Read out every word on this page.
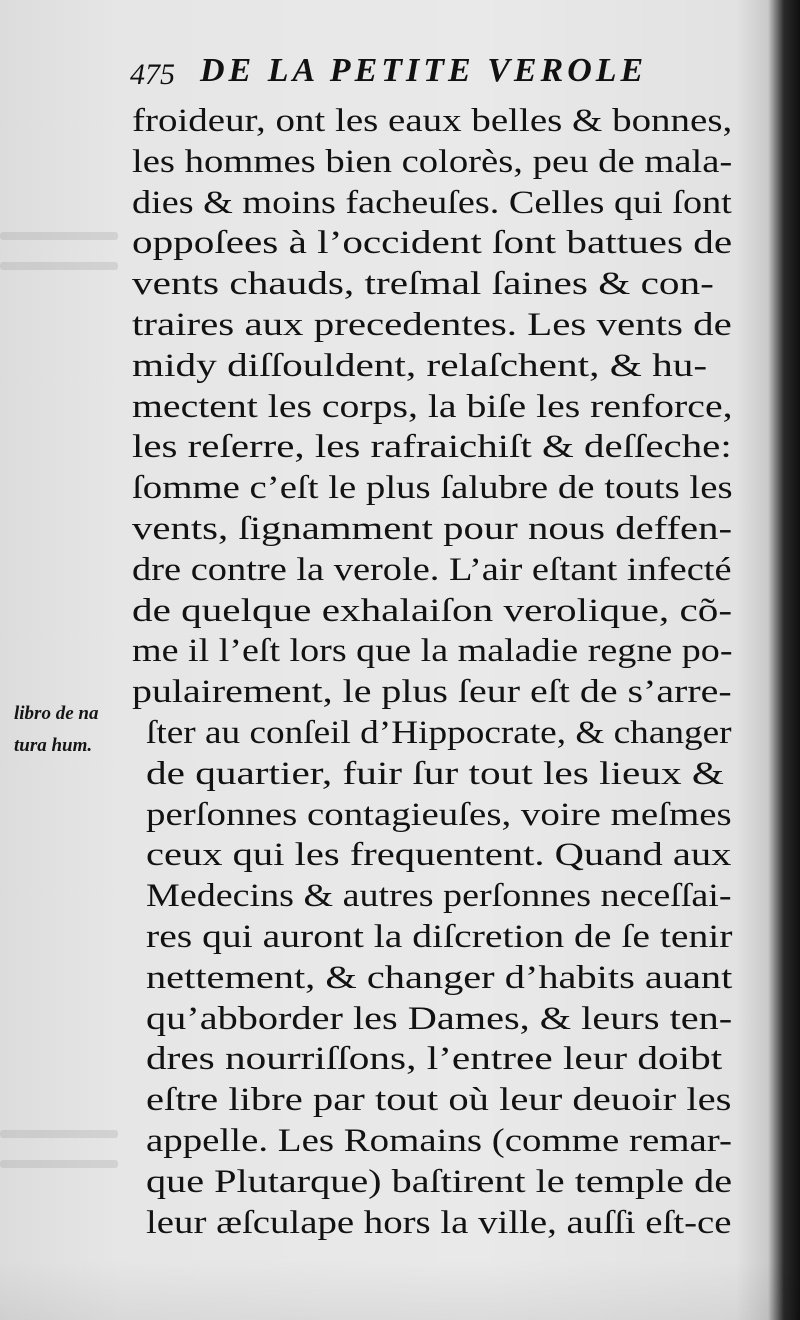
475 DE LA PETITE VEROLE
libro de na
tura hum.
froideur, ont les eaux belles & bonnes,
les hommes bien colorès, peu de mala-
dies & moins facheuſes. Celles qui ſont
oppoſees à l’occident ſont battues de
vents chauds, treſmal ſaines & con-
traires aux precedentes. Les vents de
midy diſſouldent, relaſchent, & hu-
mectent les corps, la biſe les renforce,
les reſerre, les rafraichiſt & deſſeche:
ſomme c’eſt le plus ſalubre de touts les
vents, ſignamment pour nous deffen-
dre contre la verole. L’air eſtant infecté
de quelque exhalaiſon verolique, cõ-
me il l’eſt lors que la maladie regne po-
pulairement, le plus ſeur eſt de s’arre-
ſter au conſeil d’Hippocrate, & changer
de quartier, fuir ſur tout les lieux &
perſonnes contagieuſes, voire meſmes
ceux qui les frequentent. Quand aux
Medecins & autres perſonnes neceſſai-
res qui auront la diſcretion de ſe tenir
nettement, & changer d’habits auant
qu’abborder les Dames, & leurs ten-
dres nourriſſons, l’entree leur doibt
eſtre libre par tout où leur deuoir les
appelle. Les Romains (comme remar-
que Plutarque) baſtirent le temple de
leur æſculape hors la ville, auſſi eſt-ce
